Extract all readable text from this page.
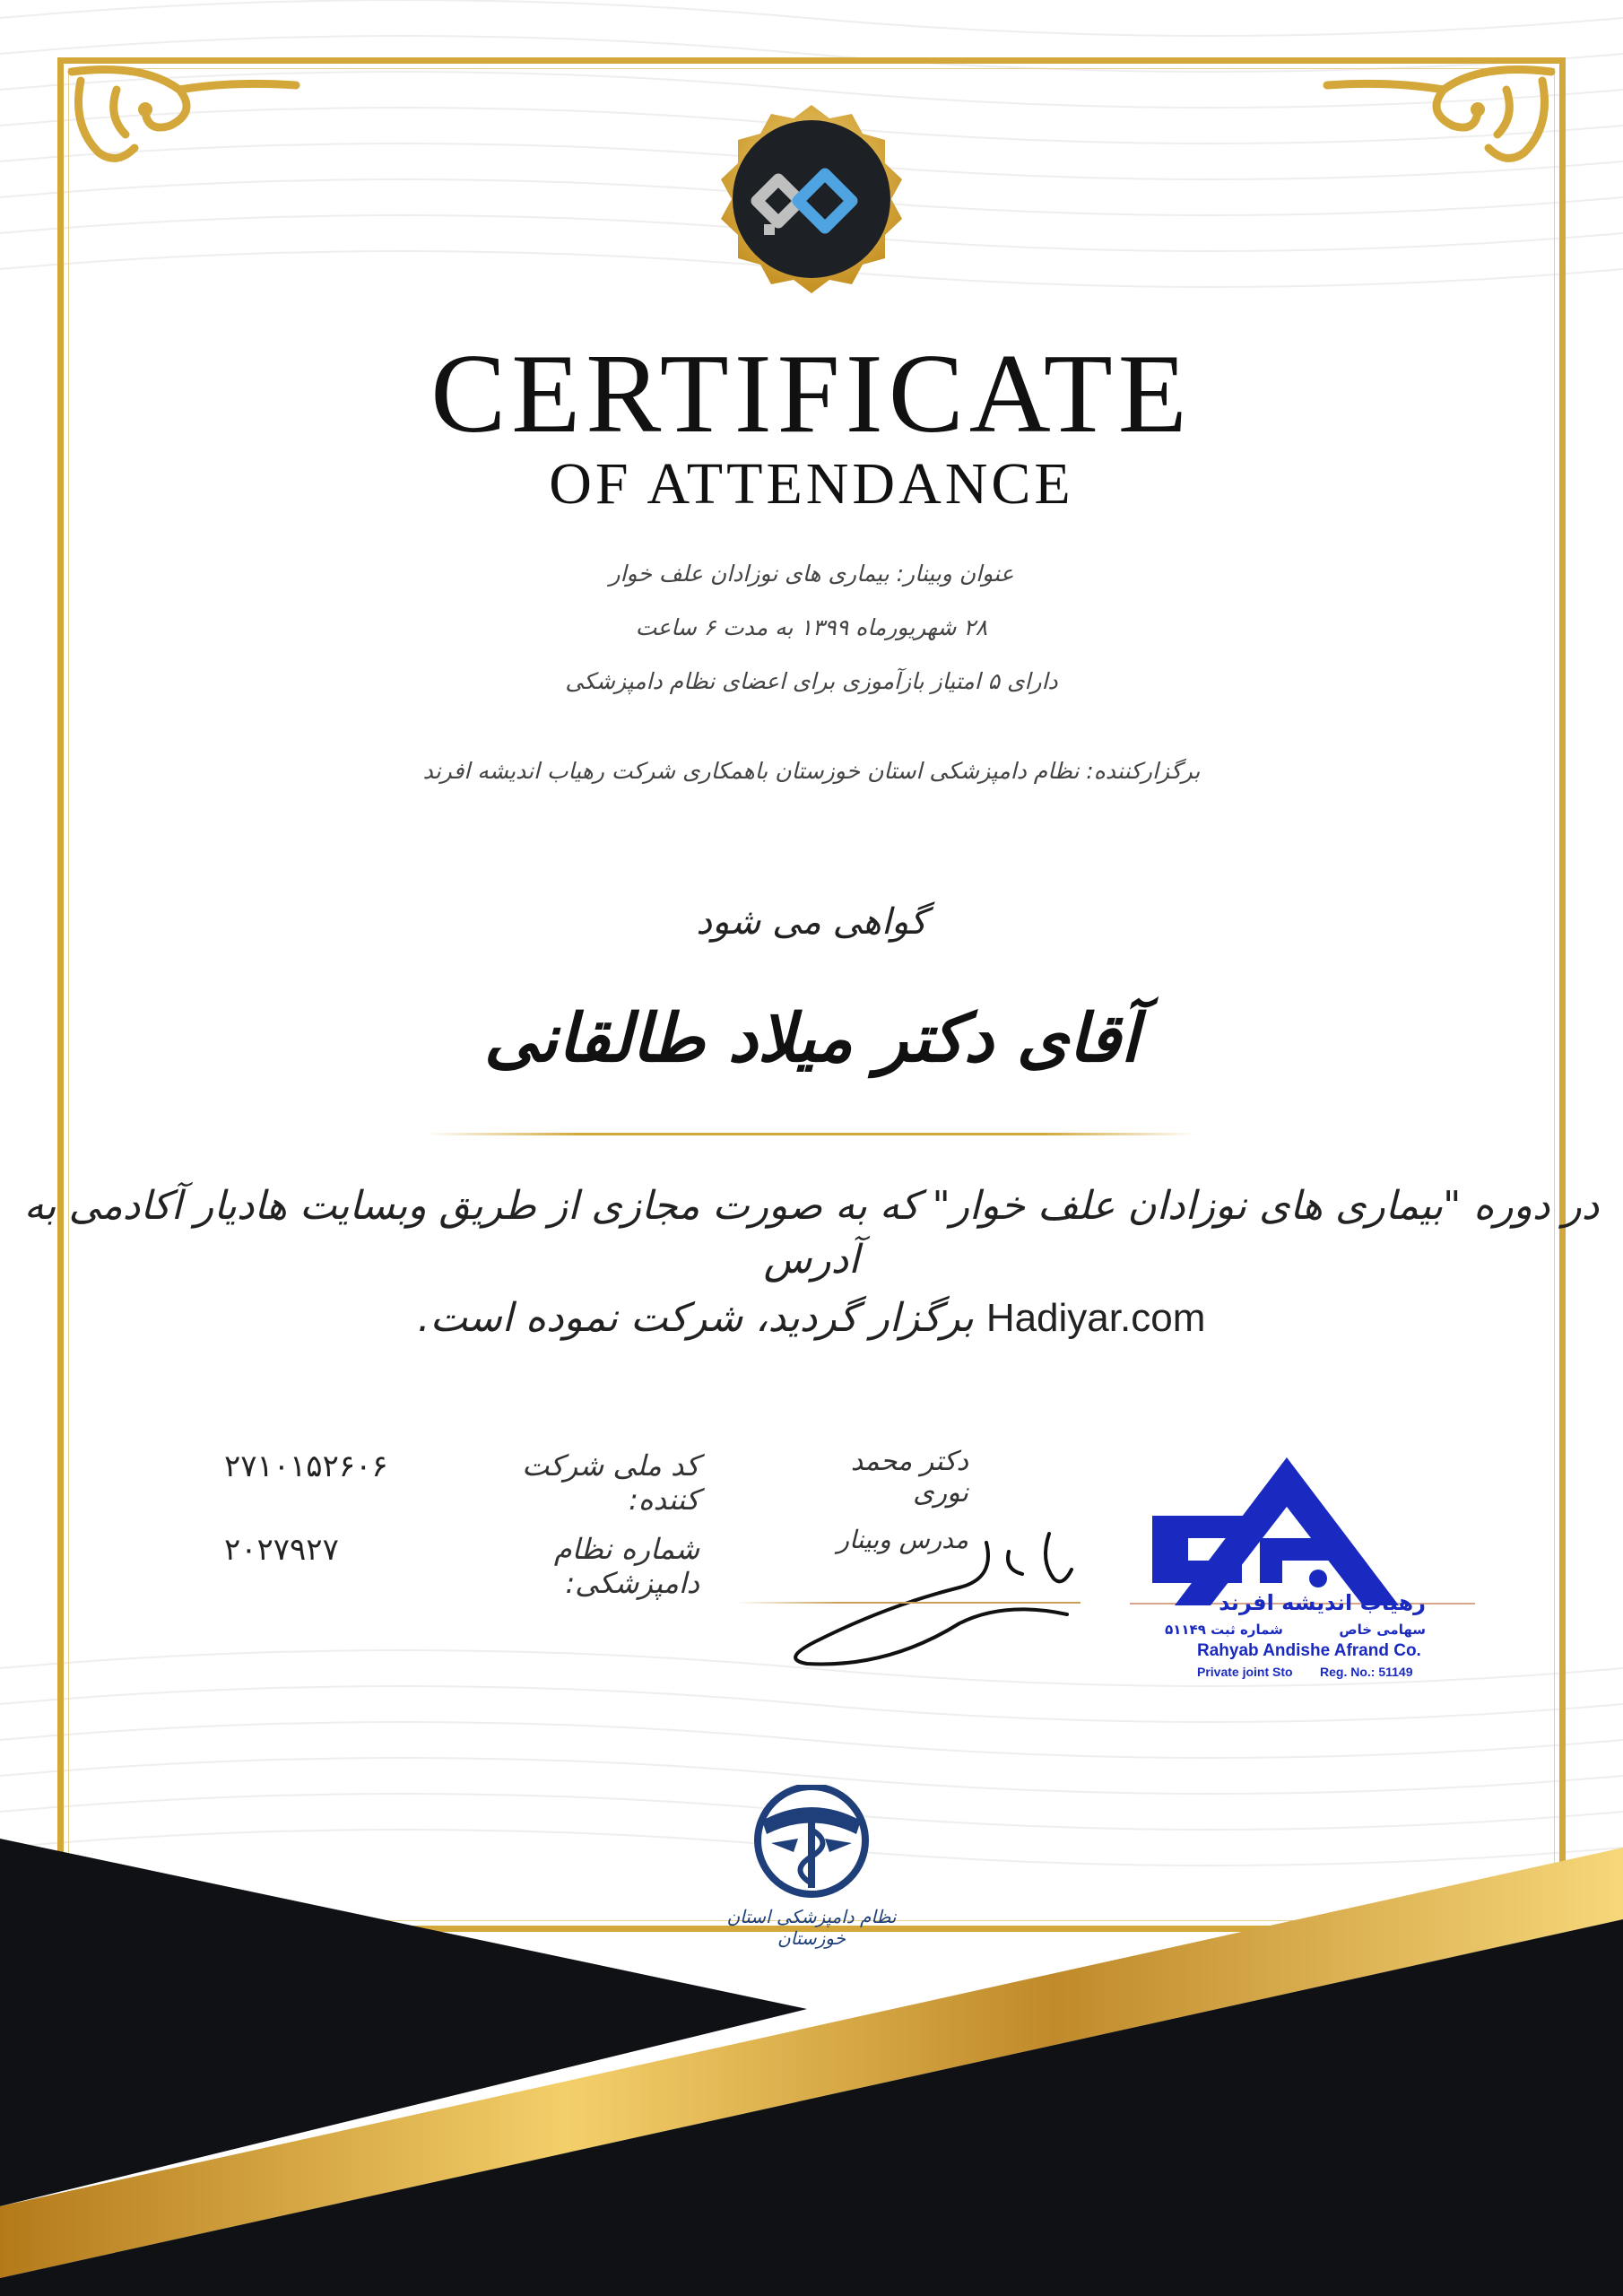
CERTIFICATE
OF ATTENDANCE
عنوان وبینار: بیماری های نوزادان علف خوار
۲۸ شهریورماه ۱۳۹۹ به مدت ۶ ساعت
دارای ۵ امتیاز بازآموزی برای اعضای نظام دامپزشکی
برگزارکننده: نظام دامپزشکی استان خوزستان باهمکاری شرکت رهیاب اندیشه افرند
گواهی می شود
آقای دکتر میلاد طالقانی
در دوره "بیماری های نوزادان علف خوار" که به صورت مجازی از طریق وبسایت هادیار آکادمی به آدرس
Hadiyar.com برگزار گردید، شرکت نموده است.
کد ملی شرکت کننده:
۲۷۱۰۱۵۲۶۰۶
شماره نظام دامپزشکی:
۲۰۲۷۹۲۷
دکتر محمد نوری
مدرس وبینار
رهیاب اندیشه افرند
سهامی خاص
شماره ثبت ۵۱۱۴۹
Rahyab Andishe Afrand Co.
Private joint Sto	Reg. No.: 51149
نظام دامپزشکی استان خوزستان
